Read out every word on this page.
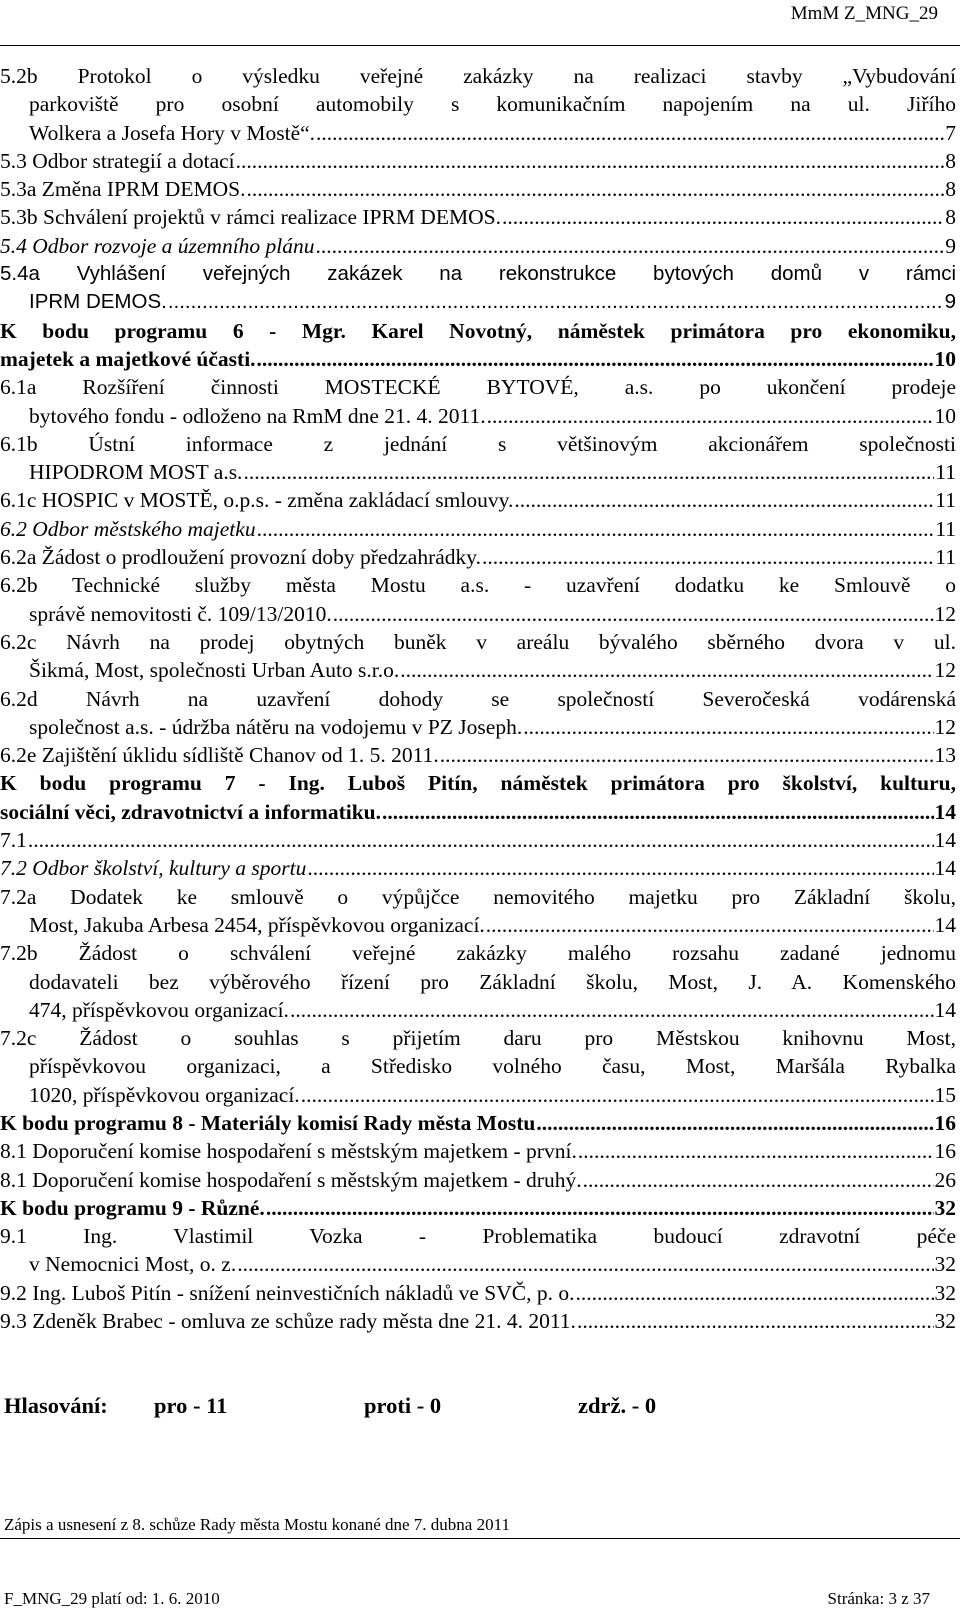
MmM Z_MNG_29
5.2b Protokol o výsledku veřejné zakázky na realizaci stavby „Vybudování
parkoviště pro osobní automobily s komunikačním napojením na ul. Jiřího
Wolkera a Josefa Hory v Mostě“. .....	7
5.3 Odbor strategií a dotací .....	8
5.3a Změna IPRM DEMOS. .....	8
5.3b Schválení projektů v rámci realizace IPRM DEMOS. .....	8
5.4 Odbor rozvoje a územního plánu .....	9
5.4a Vyhlášení veřejných zakázek na rekonstrukce bytových domů v rámci
IPRM DEMOS. .....	9
K bodu programu 6 - Mgr. Karel Novotný, náměstek primátora pro ekonomiku,
majetek a majetkové účasti. .....	10
6.1a Rozšíření činnosti MOSTECKÉ BYTOVÉ, a.s. po ukončení prodeje
bytového fondu - odloženo na RmM dne 21. 4. 2011. .....	10
6.1b Ústní informace z jednání s většinovým akcionářem společnosti
HIPODROM MOST a.s. .....	11
6.1c HOSPIC v MOSTĚ, o.p.s. - změna zakládací smlouvy. .....	11
6.2 Odbor městského majetku .....	11
6.2a Žádost o prodloužení provozní doby předzahrádky. .....	11
6.2b Technické služby města Mostu a.s. - uzavření dodatku ke Smlouvě o
správě nemovitosti č. 109/13/2010. .....	12
6.2c Návrh na prodej obytných buněk v areálu bývalého sběrného dvora v ul.
Šikmá, Most, společnosti Urban Auto s.r.o. .....	12
6.2d Návrh na uzavření dohody se společností Severočeská vodárenská
společnost a.s. - údržba nátěru na vodojemu v PZ Joseph. .....	12
6.2e Zajištění úklidu sídliště Chanov od 1. 5. 2011. .....	13
K bodu programu 7 - Ing. Luboš Pitín, náměstek primátora pro školství, kulturu,
sociální věci, zdravotnictví a informatiku. .....	14
7.1 .....	14
7.2 Odbor školství, kultury a sportu .....	14
7.2a Dodatek ke smlouvě o výpůjčce nemovitého majetku pro Základní školu,
Most, Jakuba Arbesa 2454, příspěvkovou organizací. .....	14
7.2b Žádost o schválení veřejné zakázky malého rozsahu zadané jednomu
dodavateli bez výběrového řízení pro Základní školu, Most, J. A. Komenského
474, příspěvkovou organizací. .....	14
7.2c Žádost o souhlas s přijetím daru pro Městskou knihovnu Most,
příspěvkovou organizaci, a Středisko volného času, Most, Maršála Rybalka
1020, příspěvkovou organizací. .....	15
K bodu programu 8 - Materiály komisí Rady města Mostu .....	16
8.1 Doporučení komise hospodaření s městským majetkem - první. .....	16
8.1 Doporučení komise hospodaření s městským majetkem - druhý. .....	26
K bodu programu 9 - Různé. .....	32
9.1 Ing. Vlastimil Vozka - Problematika budoucí zdravotní péče
v Nemocnici Most, o. z. .....	32
9.2 Ing. Luboš Pitín - snížení neinvestičních nákladů ve SVČ, p. o. .....	32
9.3 Zdeněk Brabec - omluva ze schůze rady města dne 21. 4. 2011. .....	32
Hlasování: pro - 11	proti - 0	zdrž. - 0
Zápis a usnesení z 8. schůze Rady města Mostu konané dne 7. dubna 2011
F_MNG_29 platí od: 1. 6. 2010	Stránka: 3 z 37
